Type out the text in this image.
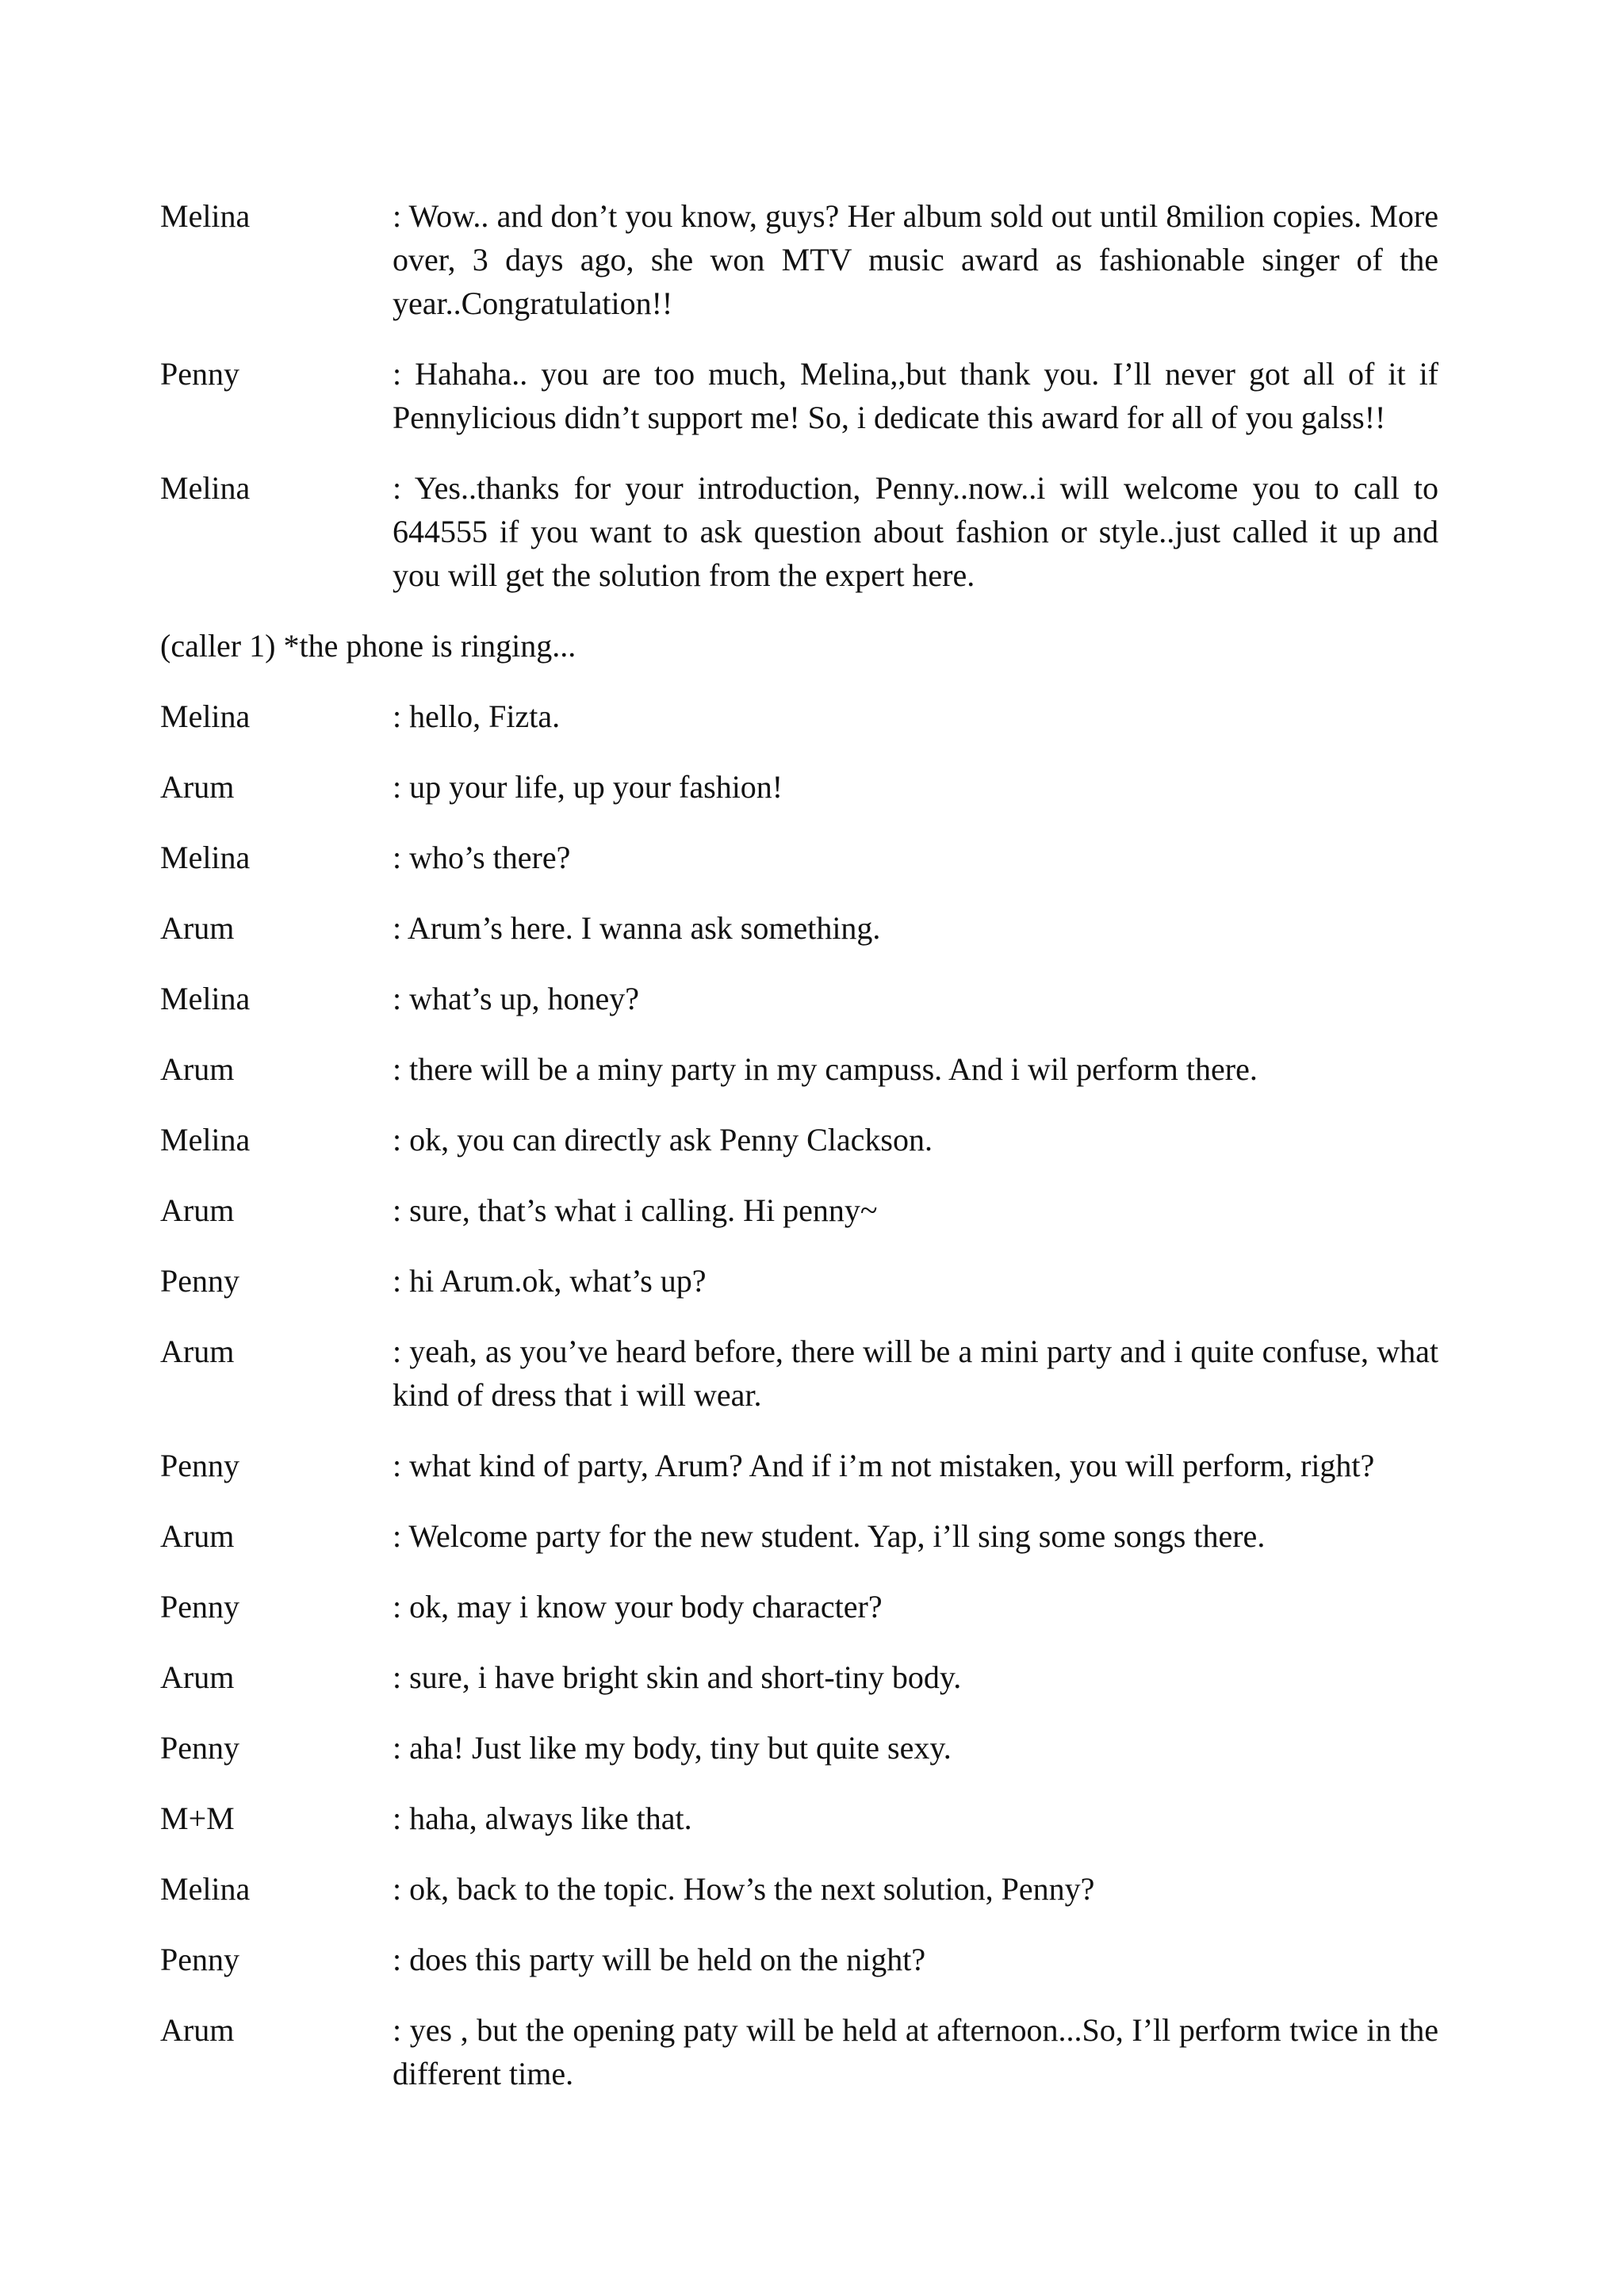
Melina	: Wow.. and don’t you know, guys? Her album sold out until 8milion copies. More over, 3 days ago, she won MTV music award as fashionable singer of the year..Congratulation!!
Penny	: Hahaha.. you are too much, Melina,,but thank you. I’ll never got all of it if Pennylicious didn’t support me! So, i dedicate this award for all of you galss!!
Melina	: Yes..thanks for your introduction, Penny..now..i will welcome you to call to 644555 if you want to ask question about fashion or style..just called it up and you will get the solution from the expert here.
(caller 1) *the phone is ringing...
Melina	: hello, Fizta.
Arum	: up your life, up your fashion!
Melina	: who’s there?
Arum	: Arum’s here. I wanna ask something.
Melina	: what’s up, honey?
Arum	: there will be a miny party in my campuss. And i wil perform there.
Melina	: ok, you can directly ask Penny Clackson.
Arum	: sure, that’s what i calling. Hi penny~
Penny	: hi Arum.ok, what’s up?
Arum	: yeah, as you’ve heard before, there will be a mini party and i quite confuse, what kind of dress that i will wear.
Penny	: what kind of party, Arum? And if i’m not mistaken, you will perform, right?
Arum	: Welcome party for the new student. Yap, i’ll sing some songs there.
Penny	: ok, may i know your body character?
Arum	: sure, i have bright skin and short-tiny body.
Penny	: aha! Just like my body, tiny but quite sexy.
M+M	: haha, always like that.
Melina	: ok, back to the topic. How’s the next solution, Penny?
Penny	: does this party will be held on the night?
Arum	: yes , but the opening paty will be held at afternoon...So, I’ll perform twice in the different time.
